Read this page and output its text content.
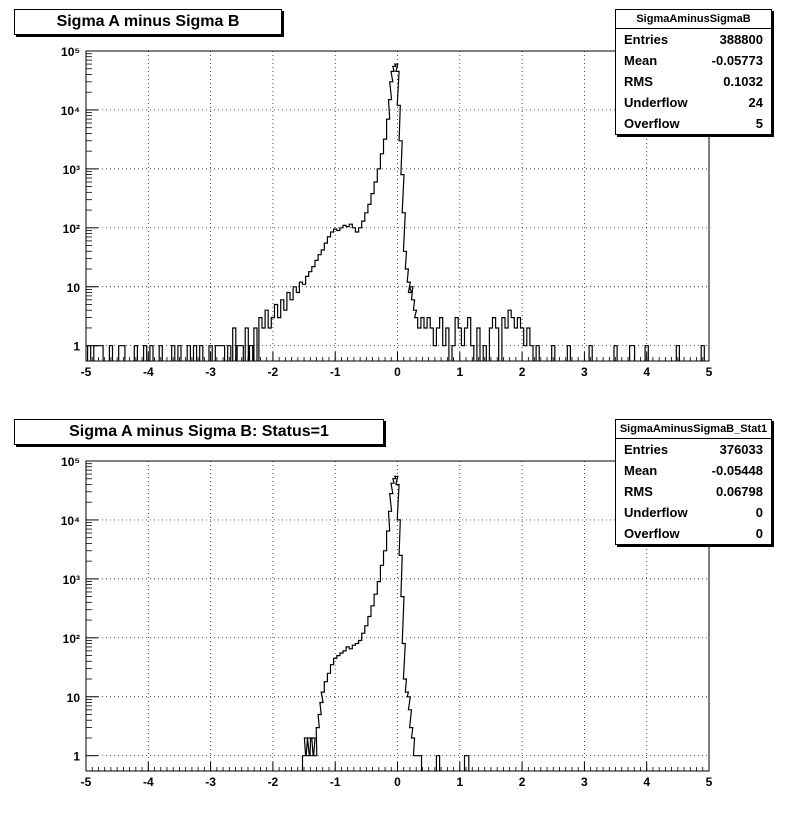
-5	-4	-3	-2	-1	0	1	2	3	4	5
1
10
10²
10³
10⁴
10⁵
-5	-4	-3	-2	-1	0	1	2	3	4	5
1
10
10²
10³
10⁴
10⁵
Sigma A minus Sigma B	SigmaAminusSigmaB
Entries	388800
Mean	-0.05773
RMS	0.1032
Underflow	24
Overflow	5
Sigma A minus Sigma B: Status=1	SigmaAminusSigmaB_Stat1
Entries	376033
Mean	-0.05448
RMS	0.06798
Underflow	0
Overflow	0
